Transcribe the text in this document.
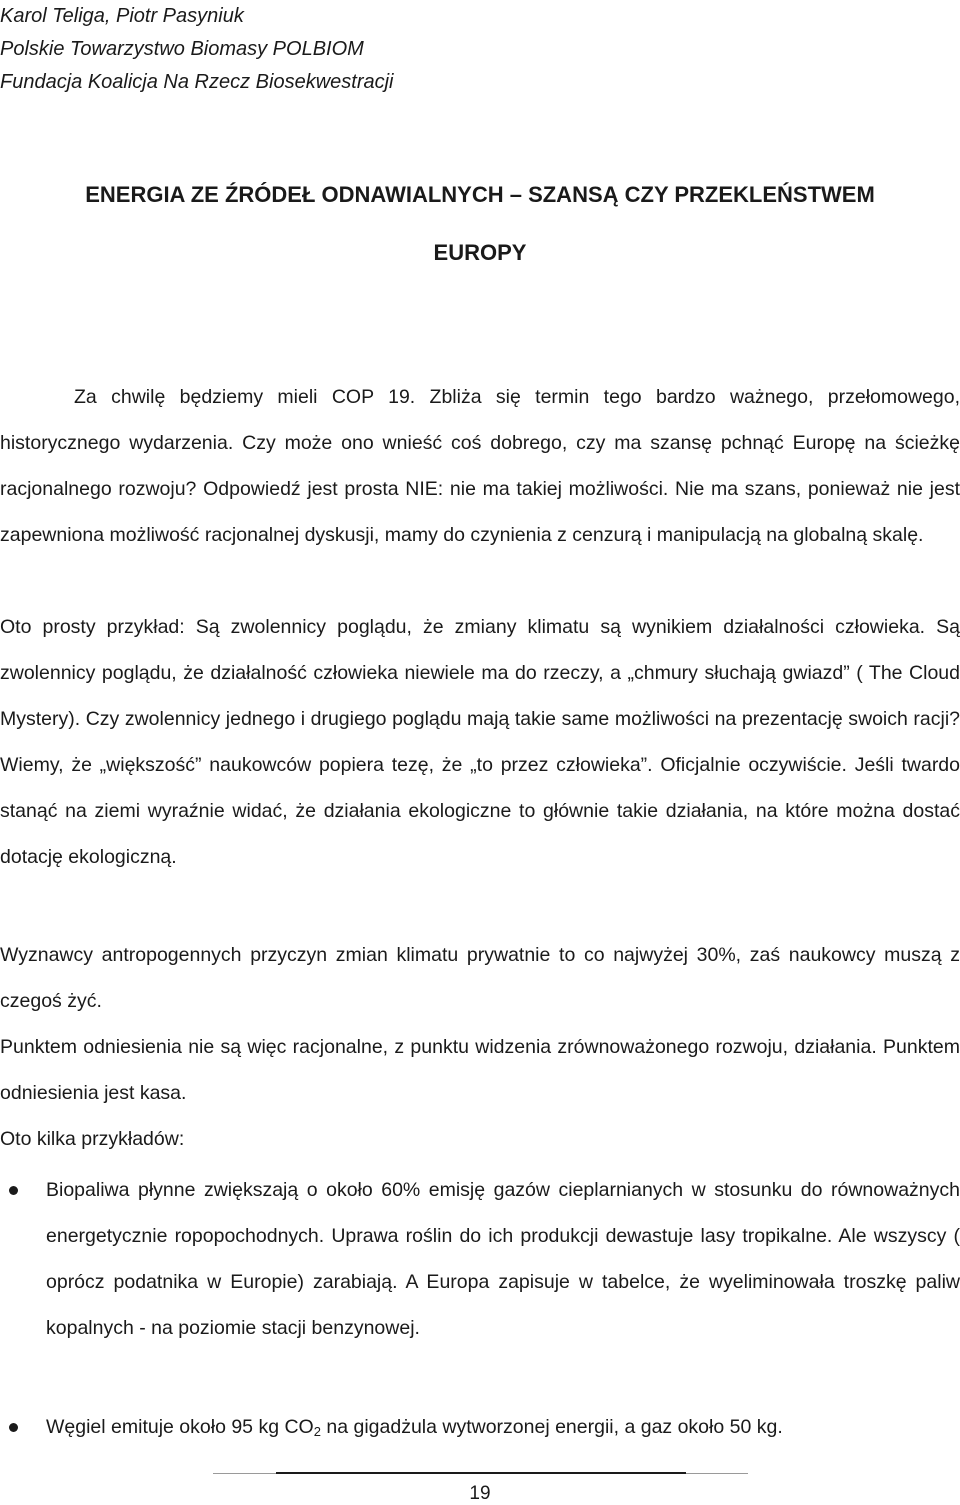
Karol Teliga, Piotr Pasyniuk
Polskie Towarzystwo Biomasy POLBIOM
Fundacja Koalicja Na Rzecz Biosekwestracji
ENERGIA ZE ŹRÓDEŁ ODNAWIALNYCH – SZANSĄ CZY PRZEKLEŃSTWEM
EUROPY
Za chwilę będziemy mieli COP 19. Zbliża się termin tego bardzo ważnego, przełomowego, historycznego wydarzenia. Czy może ono wnieść coś dobrego, czy ma szansę pchnąć Europę na ścieżkę racjonalnego rozwoju? Odpowiedź jest prosta NIE: nie ma takiej możliwości. Nie ma szans, ponieważ nie jest zapewniona możliwość racjonalnej dyskusji, mamy do czynienia z cenzurą i manipulacją na globalną skalę.
Oto prosty przykład: Są zwolennicy poglądu, że zmiany klimatu są wynikiem działalności człowieka. Są zwolennicy poglądu, że działalność człowieka niewiele ma do rzeczy, a „chmury słuchają gwiazd” ( The Cloud Mystery). Czy zwolennicy jednego i drugiego poglądu mają takie same możliwości na prezentację swoich racji? Wiemy, że „większość” naukowców popiera tezę, że „to przez człowieka”. Oficjalnie oczywiście. Jeśli twardo stanąć na ziemi wyraźnie widać, że działania ekologiczne to głównie takie działania, na które można dostać dotację ekologiczną.
Wyznawcy antropogennych przyczyn zmian klimatu prywatnie to co najwyżej 30%, zaś naukowcy muszą z czegoś żyć.
Punktem odniesienia nie są więc racjonalne, z punktu widzenia zrównoważonego rozwoju, działania. Punktem odniesienia jest kasa.
Oto kilka przykładów:
Biopaliwa płynne zwiększają o około 60% emisję gazów cieplarnianych w stosunku do równoważnych energetycznie ropopochodnych. Uprawa roślin do ich produkcji dewastuje lasy tropikalne. Ale wszyscy ( oprócz podatnika w Europie) zarabiają. A Europa zapisuje w tabelce, że wyeliminowała troszkę paliw kopalnych - na poziomie stacji benzynowej.
Węgiel emituje około 95 kg $CO_2$ na gigadżula wytworzonej energii, a gaz około 50 kg.
19
